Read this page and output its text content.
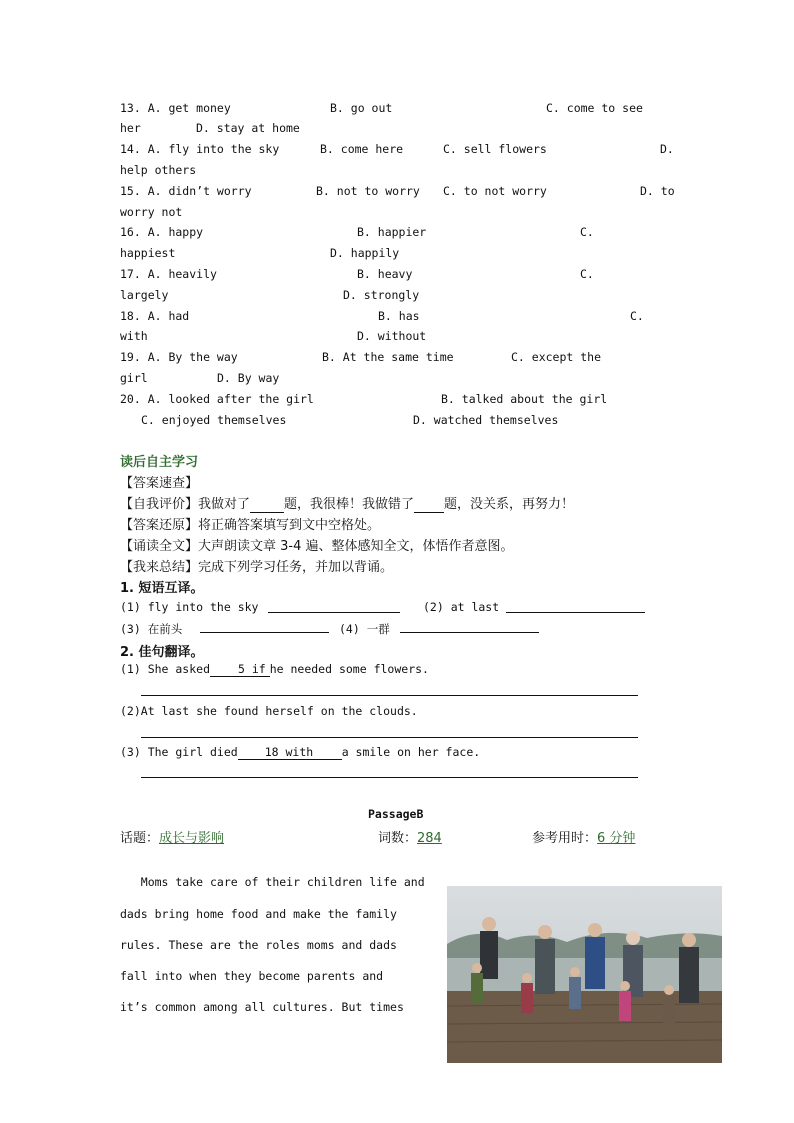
13. A. get money	B. go out	C. come to see
her	D. stay at home
14. A. fly into the sky	B. come here	C. sell flowers	D.
help others
15. A. didn’t worry	B. not to worry C. to not worry	D. to
worry not
16. A. happy	B. happier	C.
happiest	D. happily
17. A. heavily	B. heavy	C.
largely	D. strongly
18. A. had	B. has	C.
with	D. without
19. A. By the way	B. At the same time	C. except the
girl	D. By way
20. A. looked after the girl	B. talked about the girl
C. enjoyed themselves	D. watched themselves
读后自主学习
【答案速查】
【自我评价】我做对了	题，我很棒！我做错了 题，没关系，再努力！
【答案还原】将正确答案填写到文中空格处。
【诵读全文】大声朗读文章 3-4 遍、整体感知全文，体悟作者意图。
【我来总结】完成下列学习任务，并加以背诵。
1. 短语互译。
(1) fly into the sky	(2) at last
(3) 在前头	(4) 一群
2. 佳句翻译。
(1) She asked 5 if he needed some flowers.
(2)At last she found herself on the clouds.
(3) The girl died 18 with a smile on her face.
PassageB
话题：成长与影响	词数：284	参考用时：6 分钟
Moms take care of their children life and
dads bring home food and make the family
rules. These are the roles moms and dads
fall into when they become parents and
it’s common among all cultures. But times
